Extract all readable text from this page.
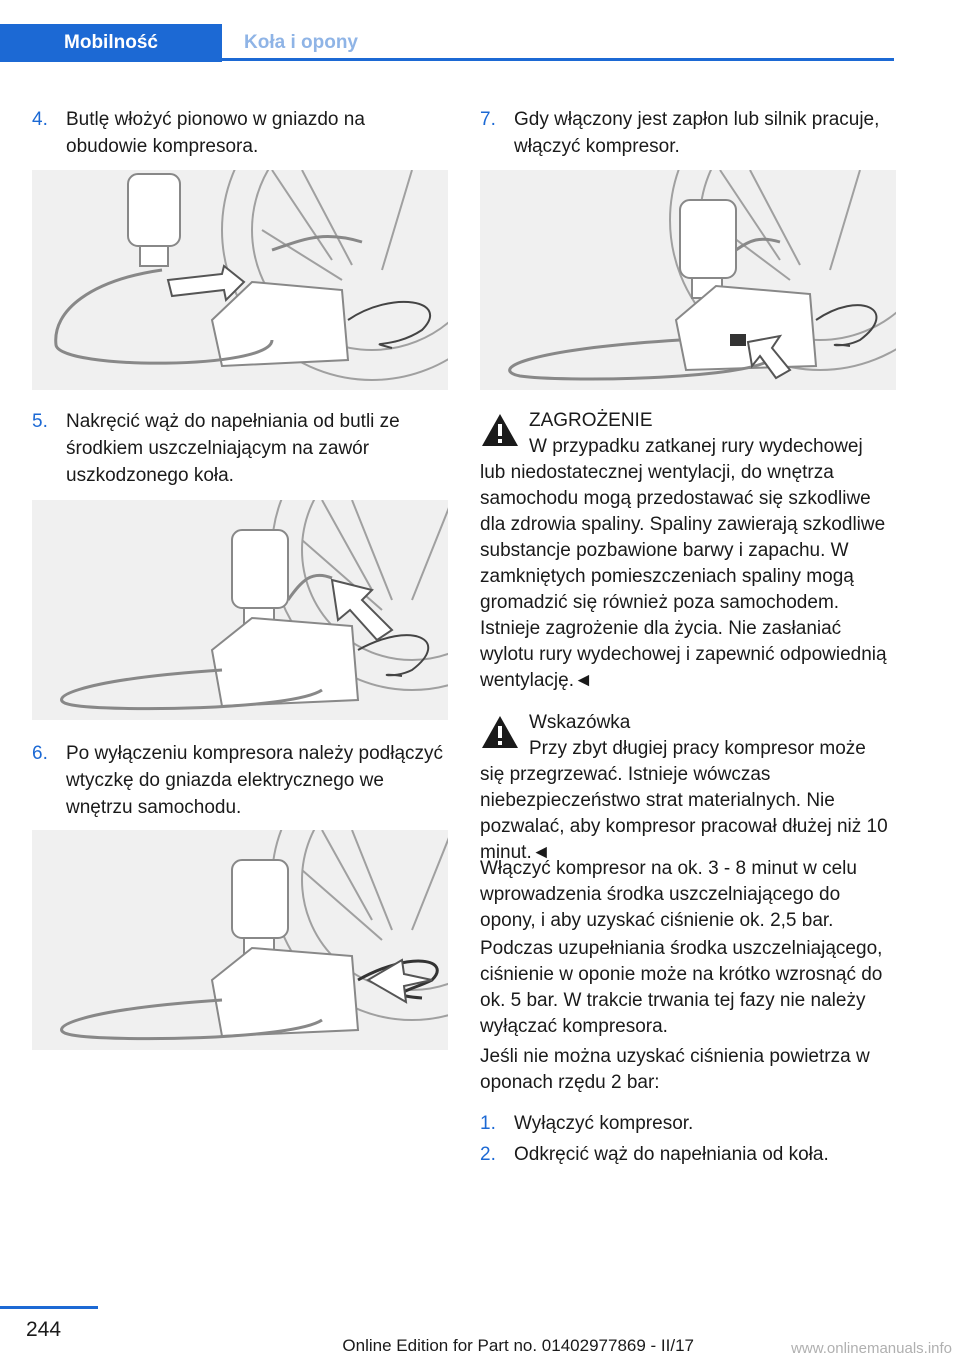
Mobilność	Koła i opony
4. Butlę włożyć pionowo w gniazdo na obudowie kompresora.
5. Nakręcić wąż do napełniania od butli ze środkiem uszczelniającym na zawór uszkodzonego koła.
6. Po wyłączeniu kompresora należy podłączyć wtyczkę do gniazda elektrycznego we wnętrzu samochodu.
7. Gdy włączony jest zapłon lub silnik pracuje, włączyć kompresor.
ZAGROŻENIE
W przypadku zatkanej rury wydechowej
lub niedostatecznej wentylacji, do wnętrza samochodu mogą przedostawać się szkodliwe dla zdrowia spaliny. Spaliny zawierają szkodliwe substancje pozbawione barwy i zapachu. W zamkniętych pomieszczeniach spaliny mogą gromadzić się również poza samochodem. Istnieje zagrożenie dla życia. Nie zasłaniać wylotu rury wydechowej i zapewnić odpowiednią wentylację.◄
Wskazówka
Przy zbyt długiej pracy kompresor może
się przegrzewać. Istnieje wówczas niebezpieczeństwo strat materialnych. Nie pozwalać, aby kompresor pracował dłużej niż 10 minut.◄
Włączyć kompresor na ok. 3 - 8 minut w celu wprowadzenia środka uszczelniającego do opony, i aby uzyskać ciśnienie ok. 2,5 bar.
Podczas uzupełniania środka uszczelniającego, ciśnienie w oponie może na krótko wzrosnąć do ok. 5 bar. W trakcie trwania tej fazy nie należy wyłączać kompresora.
Jeśli nie można uzyskać ciśnienia powietrza w oponach rzędu 2 bar:
1. Wyłączyć kompresor.
2. Odkręcić wąż do napełniania od koła.
244
Online Edition for Part no. 01402977869 - II/17	www.onlinemanuals.info
